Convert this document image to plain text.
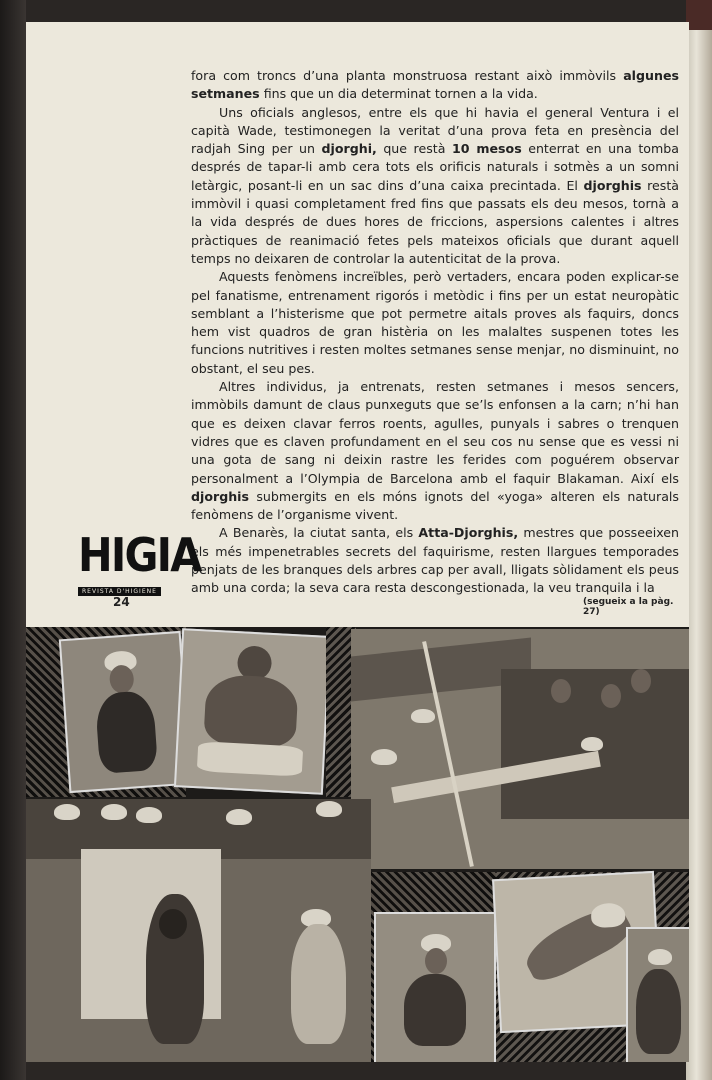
fora com troncs d’una planta monstruosa restant això immòvils algunes setmanes fins que un dia determinat tornen a la vida.

Uns oficials anglesos, entre els que hi havia el general Ventura i el capità Wade, testimonegen la veritat d’una prova feta en presència del radjah Sing per un djorghi, que restà 10 mesos enterrat en una tomba després de tapar-li amb cera tots els orificis naturals i sotmès a un somni letàrgic, posant-li en un sac dins d’una caixa precintada. El djorghis restà immòvil i quasi completament fred fins que passats els deu mesos, tornà a la vida després de dues hores de friccions, aspersions calentes i altres pràctiques de reanimació fetes pels mateixos oficials que durant aquell temps no deixaren de controlar la autenticitat de la prova.

Aquests fenòmens increïbles, però vertaders, encara poden explicar-se pel fanatisme, entrenament rigorós i metòdic i fins per un estat neuropàtic semblant a l’histerisme que pot permetre aitals proves als faquirs, doncs hem vist quadros de gran histèria on les malaltes suspenen totes les funcions nutritives i resten moltes setmanes sense menjar, no disminuint, no obstant, el seu pes.

Altres individus, ja entrenats, resten setmanes i mesos sencers, immòbils damunt de claus punxeguts que se’ls enfonsen a la carn; n’hi han que es deixen clavar ferros roents, agulles, punyals i sabres o trenquen vidres que es claven profundament en el seu cos nu sense que es vessi ni una gota de sang ni deixin rastre les ferides com poguérem observar personalment a l’Olympia de Barcelona amb el faquir Blakaman. Així els djorghis submergits en els móns ignots del «yoga» alteren els naturals fenòmens de l’organisme vivent.

A Benarès, la ciutat santa, els Atta-Djorghis, mestres que posseeixen els més impenetrables secrets del faquirisme, resten llargues temporades penjats de les branques dels arbres cap per avall, lligats sòlidament els peus amb una corda; la seva cara resta descongestionada, la veu tranquila i la

HIGIA
REVISTA D'HIGIENE
24	(segueix a la pàg. 27)
